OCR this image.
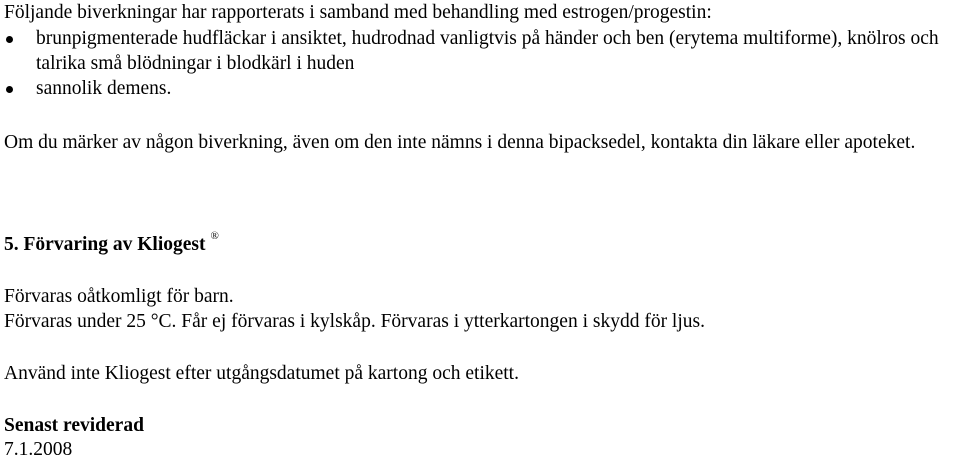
Följande biverkningar har rapporterats i samband med behandling med estrogen/progestin:

brunpigmenterade hudfläckar i ansiktet, hudrodnad vanligtvis på händer och ben (erytema multiforme), knölros och talrika små blödningar i blodkärl i huden
sannolik demens.

Om du märker av någon biverkning, även om den inte nämns i denna bipacksedel, kontakta din läkare eller apoteket.

5. Förvaring av Kliogest ®

Förvaras oåtkomligt för barn.

Förvaras under 25 °C. Får ej förvaras i kylskåp. Förvaras i ytterkartongen i skydd för ljus.

Använd inte Kliogest efter utgångsdatumet på kartong och etikett.

Senast reviderad

7.1.2008
